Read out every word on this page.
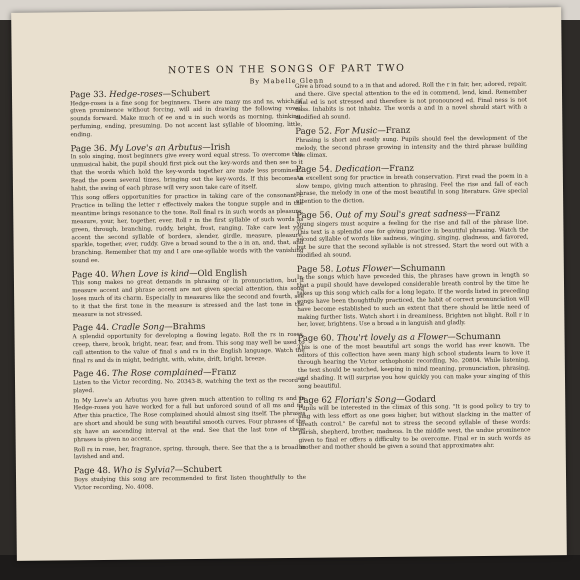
NOTES ON THE SONGS OF PART TWO
By Mabelle Glenn
Page 33. Hedge-roses—Schubert

Hedge-roses is a fine song for beginners. There are many ms and ns, which, if given prominence without forcing, will aid in drawing the following vowel sounds forward. Make much of ee and u in such words as morning, thinking, perfuming, ending, presuming. Do not accent last syllable of blooming, little, ending.

Page 36. My Love's an Arbutus—Irish

In solo singing, most beginners give every word equal stress. To overcome this unmusical habit, the pupil should first pick out the key-words and then see to it that the words which hold the key-words together are made less prominent. Read the poem several times, bringing out the key-words. If this becomes a habit, the swing of each phrase will very soon take care of itself.

This song offers opportunities for practice in taking care of the consonant r. Practice in telling the letter r effectively makes the tongue supple and in the meantime brings resonance to the tone. Roll final rs in such words as pleasure, measure, your, her, together, ever. Roll r in the first syllable of such words as green, through, branching, ruddy, bright, frost, ranging. Take care lest you accent the second syllable of borders, slender, girdle, measure, pleasure, sparkle, together, ever, ruddy. Give a broad sound to the a in an, and, that, and branching. Remember that my and I are one-syllable words with the vanishing sound ee.

Page 40. When Love is kind—Old English

This song makes no great demands in phrasing or in pronunciation, but if measure accent and phrase accent are not given special attention, this song loses much of its charm. Especially in measures like the second and fourth, see to it that the first tone in the measure is stressed and the last tone in the measure is not stressed.

Page 44. Cradle Song—Brahms

A splendid opportunity for developing a flowing legato. Roll the rs in roses, creep, there, brook, bright, near, fear, and from. This song may well be used to call attention to the value of final s and rs in the English language. Watch the final rs and ds in might, bedright, with, white, drift, bright, breeze.

Page 46. The Rose complained—Franz

Listen to the Victor recording, No. 20343-B, watching the text as the record is played.

In My Love's an Arbutus you have given much attention to rolling rs and in Hedge-roses you have worked for a full but unforced sound of all ms and ns. After this practice, The Rose complained should almost sing itself. The phrases are short and should be sung with beautiful smooth curves. Four phrases of the six have an ascending interval at the end. See that the last tone of these phrases is given no accent.

Roll rs in rose, her, fragrance, spring, through, there. See that the a is broad in lavished and and.

Page 48. Who is Sylvia?—Schubert

Boys studying this song are recommended to first listen thoughtfully to the Victor recording, No. 4008.

Give a broad sound to a in that and adored. Roll the r in fair, her, adored, repair, and there. Give special attention to the ed in commend, lend, kind. Remember final ed is not stressed and therefore is not pronounced ed. Final ness is not nass. Inhabits is not inhabiz. The words a and in a novel should start with a modified ah sound.

Page 52. For Music—Franz

Phrasing is short and easily sung. Pupils should feel the development of the melody, the second phrase growing in intensity and the third phrase building the climax.

Page 54. Dedication—Franz

An excellent song for practice in breath conservation. First read the poem in a slow tempo, giving much attention to phrasing. Feel the rise and fall of each phrase, the melody in one of the most beautiful in song literature. Give special attention to the diction.

Page 56. Out of my Soul's great sadness—Franz

Young singers must acquire a feeling for the rise and fall of the phrase line. This text is a splendid one for giving practice in beautiful phrasing. Watch the second syllable of words like sadness, winging, singing, gladness, and favored, but be sure that the second syllable is not stressed. Start the word out with a modified ah sound.

Page 58. Lotus Flower—Schumann

In the songs which have preceded this, the phrases have grown in length so that a pupil should have developed considerable breath control by the time he takes up this song which calls for a long legato. If the words listed in preceding songs have been thoughtfully practiced, the habit of correct pronunciation will have become established to such an extent that there should be little need of making further lists. Watch short i in dreaminess, Brighten not blight. Roll r in her, lover, brightens. Use a broad a in languish and gladly.

Page 60. Thou'rt lovely as a Flower—Schumann

This is one of the most beautiful art songs the world has ever known. The editors of this collection have seen many high school students learn to love it through hearing the Victor orthophonic recording, No. 20804. While listening, the text should be watched, keeping in mind meaning, pronunciation, phrasing, and shading. It will surprise you how quickly you can make your singing of this song beautiful.

Page 62 Florian's Song—Godard

Pupils will be interested in the climax of this song. "It is good policy to try to sing with less effort as one goes higher, but without slacking in the matter of breath control." Be careful not to stress the second syllable of these words: parish, shepherd, brother, madness. In the middle west, the undue prominence given to final er offers a difficulty to be overcome. Final er in such words as brother and mother should be given a sound that approximates ahr.
